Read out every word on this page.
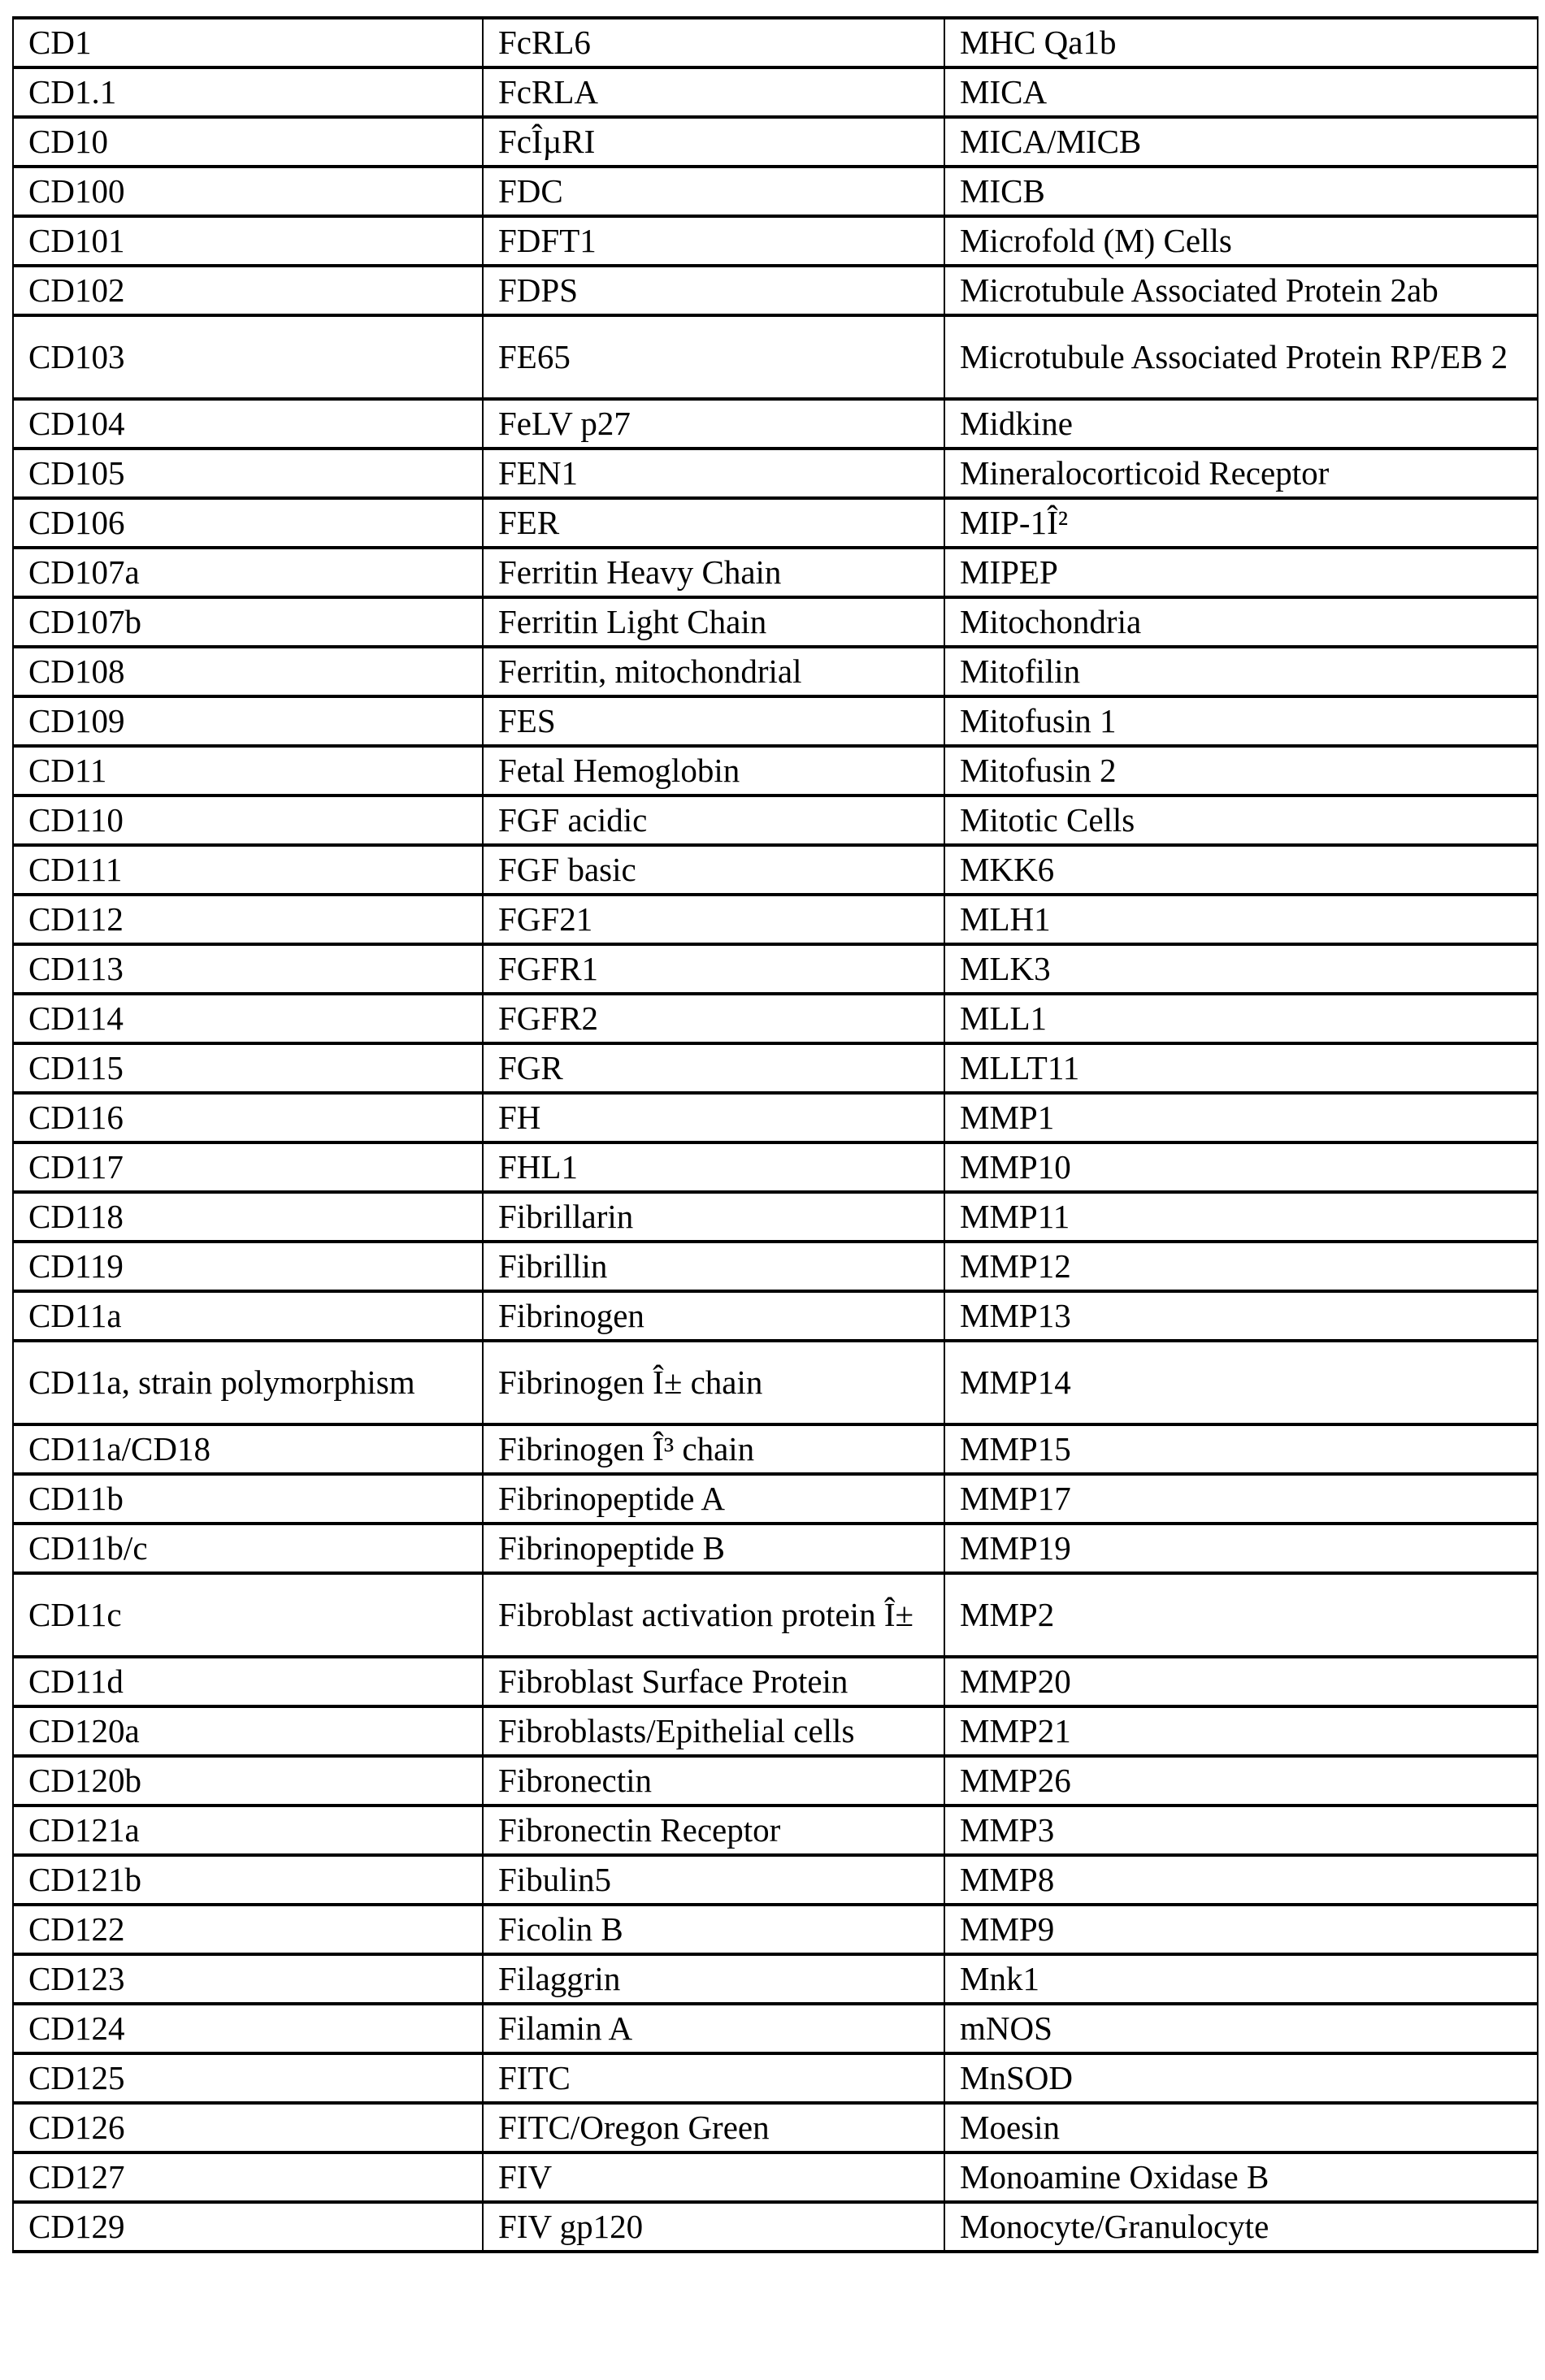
CD1	FcRL6	MHC Qa1b
CD1.1	FcRLA	MICA
CD10	FcÎµRI	MICA/MICB
CD100	FDC	MICB
CD101	FDFT1	Microfold (M) Cells
CD102	FDPS	Microtubule Associated Protein 2ab
CD103	FE65	Microtubule Associated Protein RP/EB 2
CD104	FeLV p27	Midkine
CD105	FEN1	Mineralocorticoid Receptor
CD106	FER	MIP-1Î²
CD107a	Ferritin Heavy Chain	MIPEP
CD107b	Ferritin Light Chain	Mitochondria
CD108	Ferritin, mitochondrial	Mitofilin
CD109	FES	Mitofusin 1
CD11	Fetal Hemoglobin	Mitofusin 2
CD110	FGF acidic	Mitotic Cells
CD111	FGF basic	MKK6
CD112	FGF21	MLH1
CD113	FGFR1	MLK3
CD114	FGFR2	MLL1
CD115	FGR	MLLT11
CD116	FH	MMP1
CD117	FHL1	MMP10
CD118	Fibrillarin	MMP11
CD119	Fibrillin	MMP12
CD11a	Fibrinogen	MMP13
CD11a, strain polymorphism	Fibrinogen Î± chain	MMP14
CD11a/CD18	Fibrinogen Î³ chain	MMP15
CD11b	Fibrinopeptide A	MMP17
CD11b/c	Fibrinopeptide B	MMP19
CD11c	Fibroblast activation protein Î±	MMP2
CD11d	Fibroblast Surface Protein	MMP20
CD120a	Fibroblasts/Epithelial cells	MMP21
CD120b	Fibronectin	MMP26
CD121a	Fibronectin Receptor	MMP3
CD121b	Fibulin5	MMP8
CD122	Ficolin B	MMP9
CD123	Filaggrin	Mnk1
CD124	Filamin A	mNOS
CD125	FITC	MnSOD
CD126	FITC/Oregon Green	Moesin
CD127	FIV	Monoamine Oxidase B
CD129	FIV gp120	Monocyte/Granulocyte
